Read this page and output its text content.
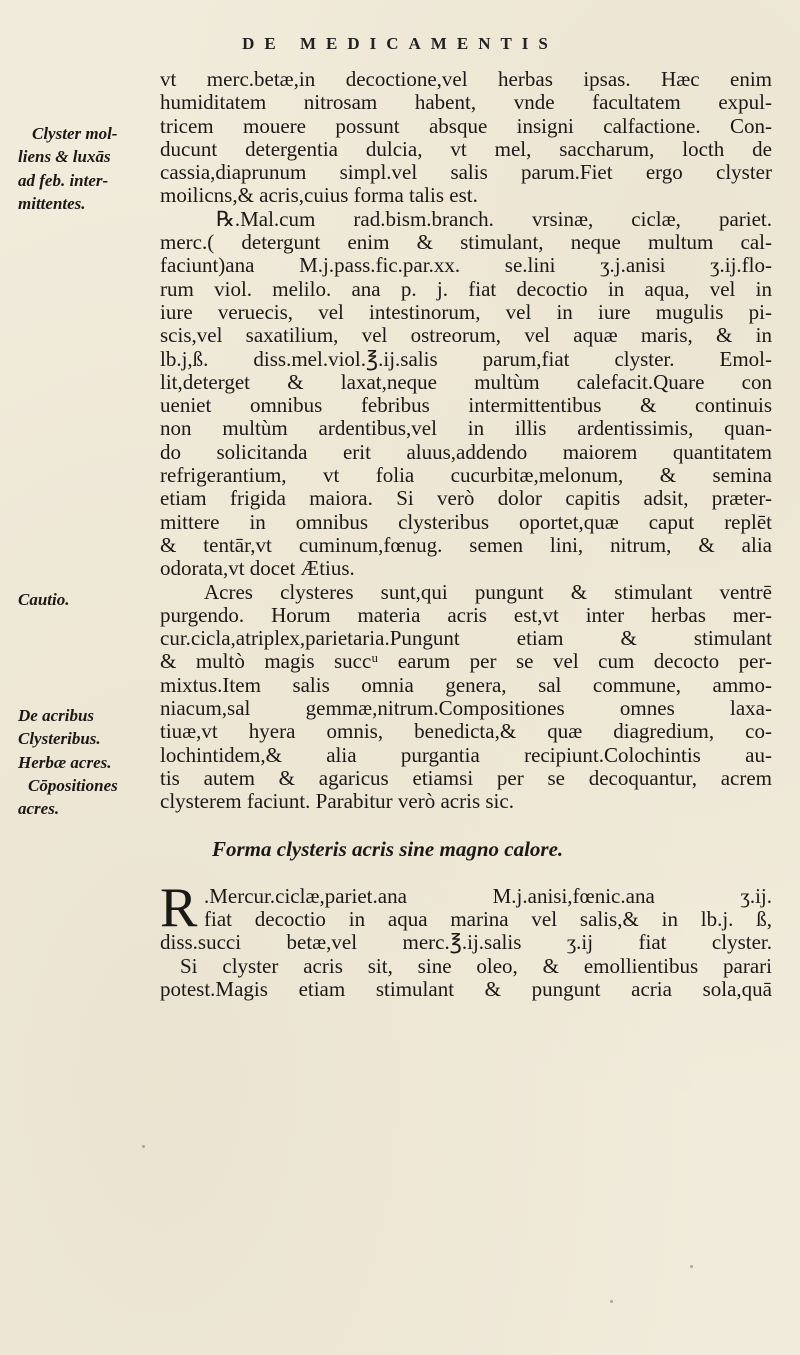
DE MEDICAMENTIS
Clyster mol-
liens & luxās
ad feb. inter-
mittentes.
Cautio.
De acribus
Clysteribus.
Herbæ acres.
Cōpositiones
acres.
vt merc.betæ,in decoctione,vel herbas ipsas. Hæc enim
humiditatem nitrosam habent, vnde facultatem expul-
tricem mouere possunt absque insigni calfactione. Con-
ducunt detergentia dulcia, vt mel, saccharum, locth de
cassia,diaprunum simpl.vel salis parum.Fiet ergo clyster
moilicns,& acris,cuius forma talis est.
℞.Mal.cum rad.bism.branch. vrsinæ, ciclæ, pariet.
merc.( detergunt enim & stimulant, neque multum cal-
faciunt)ana M.j.pass.fic.par.xx. se.lini ʒ.j.anisi ʒ.ij.flo-
rum viol. melilo. ana p. j. fiat decoctio in aqua, vel in
iure veruecis, vel intestinorum, vel in iure mugulis pi-
scis,vel saxatilium, vel ostreorum, vel aquæ maris, & in
lb.j,ß. diss.mel.viol.℥.ij.salis parum,fiat clyster. Emol-
lit,deterget & laxat,neque multùm calefacit.Quare con
ueniet omnibus febribus intermittentibus & continuis
non multùm ardentibus,vel in illis ardentissimis, quan-
do solicitanda erit aluus,addendo maiorem quantitatem
refrigerantium, vt folia cucurbitæ,melonum, & semina
etiam frigida maiora. Si verò dolor capitis adsit, præter-
mittere in omnibus clysteribus oportet,quæ caput replēt
& tentār,vt cuminum,fœnug. semen lini, nitrum, & alia
odorata,vt docet Ætius.
Acres clysteres sunt,qui pungunt & stimulant ventrē
purgendo. Horum materia acris est,vt inter herbas mer-
cur.cicla,atriplex,parietaria.Pungunt etiam & stimulant
& multò magis succᵘ earum per se vel cum decocto per-
mixtus.Item salis omnia genera, sal commune, ammo-
niacum,sal gemmæ,nitrum.Compositiones omnes laxa-
tiuæ,vt hyera omnis, benedicta,& quæ diagredium, co-
lochintidem,& alia purgantia recipiunt.Colochintis au-
tis autem & agaricus etiamsi per se decoquantur, acrem
clysterem faciunt. Parabitur verò acris sic.
Forma clysteris acris sine magno calore.
R .Mercur.ciclæ,pariet.ana M.j.anisi,fœnic.ana ʒ.ij.
fiat decoctio in aqua marina vel salis,& in lb.j. ß,
diss.succi betæ,vel merc.℥.ij.salis ʒ.ij fiat clyster.
Si clyster acris sit, sine oleo, & emollientibus parari
potest.Magis etiam stimulant & pungunt acria sola,quā
